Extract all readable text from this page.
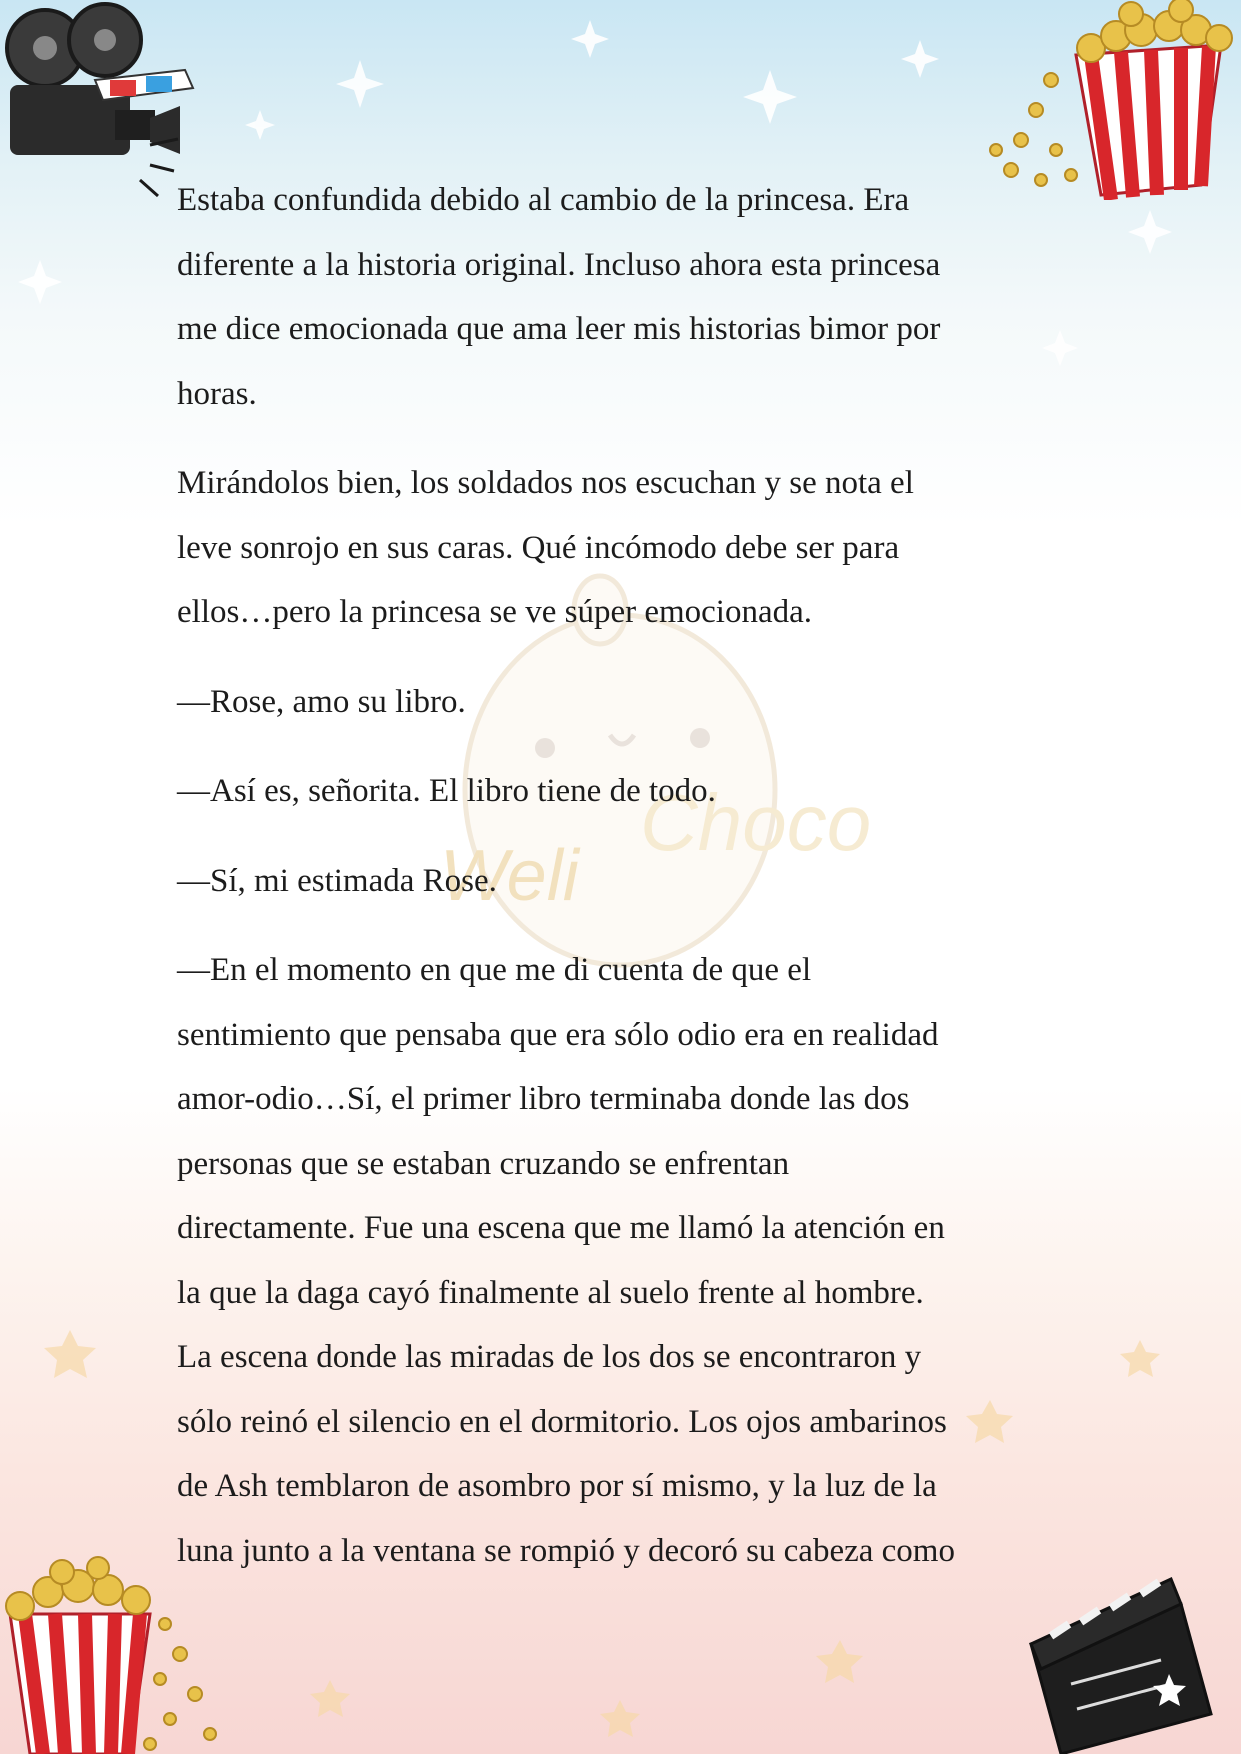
Weli
Choco

Estaba confundida debido al cambio de la princesa. Era
diferente a la historia original. Incluso ahora esta princesa
me dice emocionada que ama leer mis historias bimor por
horas.

Mirándolos bien, los soldados nos escuchan y se nota el
leve sonrojo en sus caras. Qué incómodo debe ser para
ellos…pero la princesa se ve súper emocionada.

—Rose, amo su libro.

—Así es, señorita. El libro tiene de todo.

—Sí, mi estimada Rose.

—En el momento en que me di cuenta de que el
sentimiento que pensaba que era sólo odio era en realidad
amor-odio…Sí, el primer libro terminaba donde las dos
personas que se estaban cruzando se enfrentan
directamente. Fue una escena que me llamó la atención en
la que la daga cayó finalmente al suelo frente al hombre.
La escena donde las miradas de los dos se encontraron y
sólo reinó el silencio en el dormitorio. Los ojos ambarinos
de Ash temblaron de asombro por sí mismo, y la luz de la
luna junto a la ventana se rompió y decoró su cabeza como
